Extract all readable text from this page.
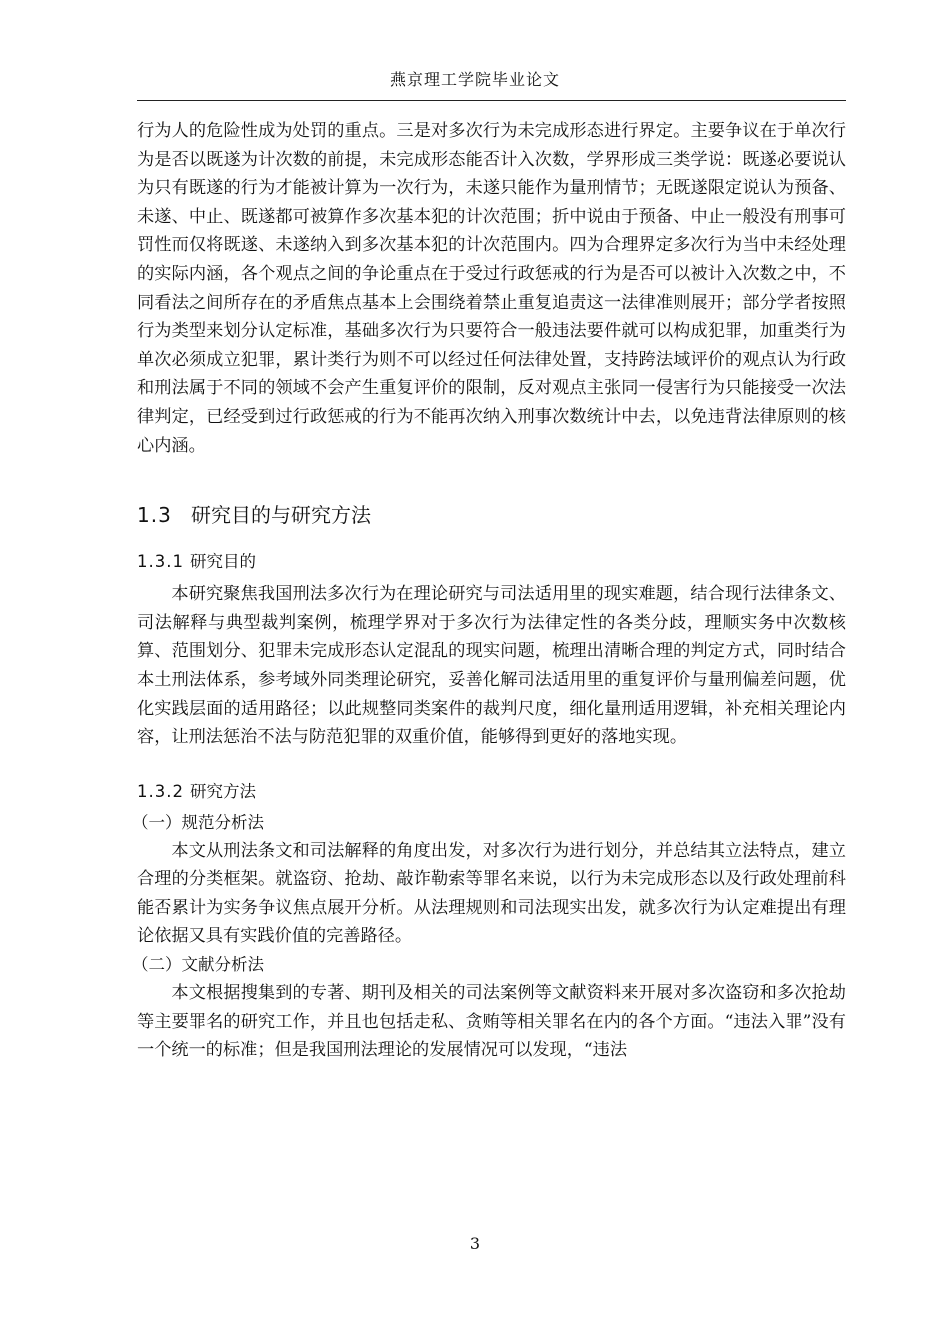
燕京理工学院毕业论文

行为人的危险性成为处罚的重点。三是对多次行为未完成形态进行界定。主要争议在于单次行为是否以既遂为计次数的前提，未完成形态能否计入次数，学界形成三类学说：既遂必要说认为只有既遂的行为才能被计算为一次行为，未遂只能作为量刑情节；无既遂限定说认为预备、未遂、中止、既遂都可被算作多次基本犯的计次范围；折中说由于预备、中止一般没有刑事可罚性而仅将既遂、未遂纳入到多次基本犯的计次范围内。四为合理界定多次行为当中未经处理的实际内涵，各个观点之间的争论重点在于受过行政惩戒的行为是否可以被计入次数之中，不同看法之间所存在的矛盾焦点基本上会围绕着禁止重复追责这一法律准则展开；部分学者按照行为类型来划分认定标准，基础多次行为只要符合一般违法要件就可以构成犯罪，加重类行为单次必须成立犯罪，累计类行为则不可以经过任何法律处置，支持跨法域评价的观点认为行政和刑法属于不同的领域不会产生重复评价的限制，反对观点主张同一侵害行为只能接受一次法律判定，已经受到过行政惩戒的行为不能再次纳入刑事次数统计中去，以免违背法律原则的核心内涵。

1.3 研究目的与研究方法
1.3.1 研究目的

本研究聚焦我国刑法多次行为在理论研究与司法适用里的现实难题，结合现行法律条文、司法解释与典型裁判案例，梳理学界对于多次行为法律定性的各类分歧，理顺实务中次数核算、范围划分、犯罪未完成形态认定混乱的现实问题，梳理出清晰合理的判定方式，同时结合本土刑法体系，参考域外同类理论研究，妥善化解司法适用里的重复评价与量刑偏差问题，优化实践层面的适用路径；以此规整同类案件的裁判尺度，细化量刑适用逻辑，补充相关理论内容，让刑法惩治不法与防范犯罪的双重价值，能够得到更好的落地实现。

1.3.2 研究方法
（一）规范分析法

本文从刑法条文和司法解释的角度出发，对多次行为进行划分，并总结其立法特点，建立合理的分类框架。就盗窃、抢劫、敲诈勒索等罪名来说，以行为未完成形态以及行政处理前科能否累计为实务争议焦点展开分析。从法理规则和司法现实出发，就多次行为认定难提出有理论依据又具有实践价值的完善路径。

（二）文献分析法

本文根据搜集到的专著、期刊及相关的司法案例等文献资料来开展对多次盗窃和多次抢劫等主要罪名的研究工作，并且也包括走私、贪贿等相关罪名在内的各个方面。“违法入罪”没有一个统一的标准；但是我国刑法理论的发展情况可以发现，“违法

3
